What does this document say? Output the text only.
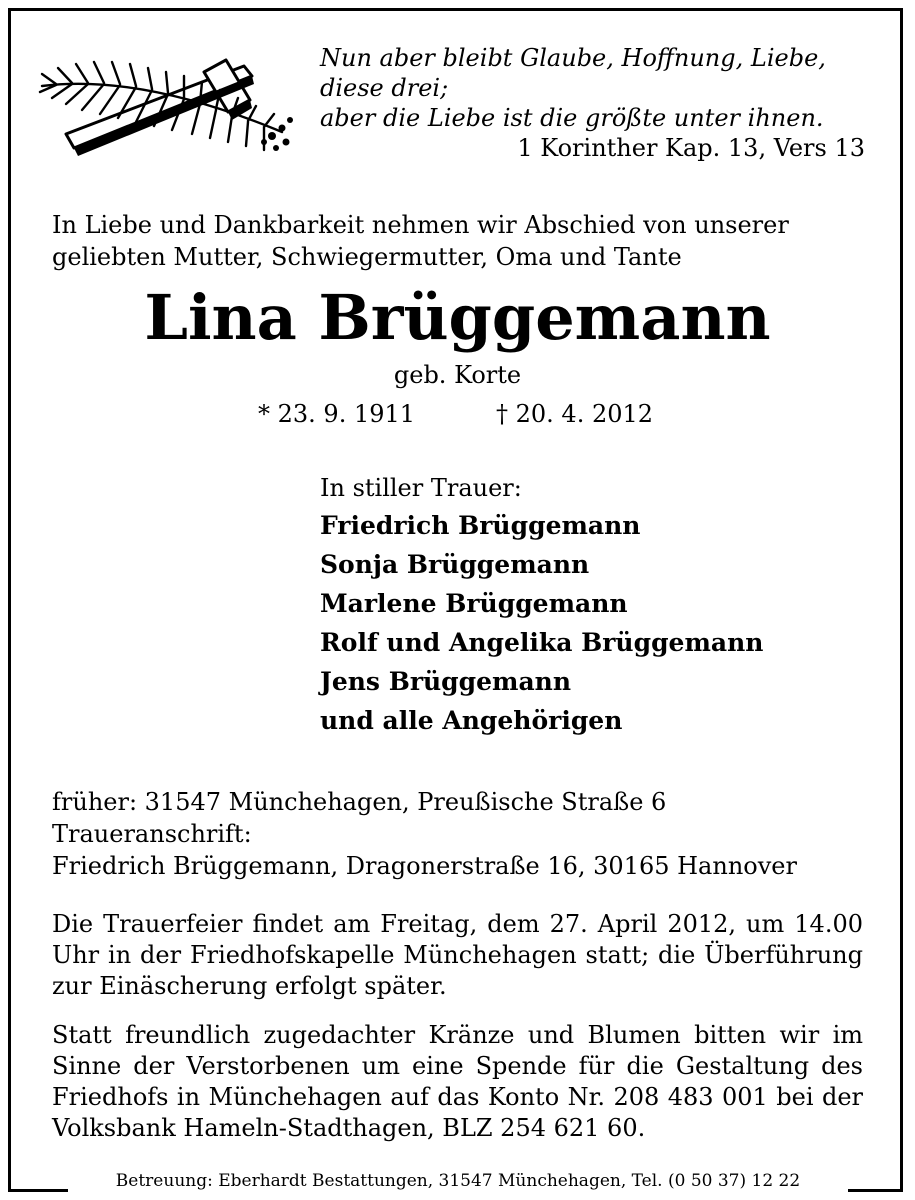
Nun aber bleibt Glaube, Hoffnung, Liebe,
diese drei;
aber die Liebe ist die größte unter ihnen.
1 Korinther Kap. 13, Vers 13
In Liebe und Dankbarkeit nehmen wir Abschied von unserer
geliebten Mutter, Schwiegermutter, Oma und Tante
Lina Brüggemann
geb. Korte
* 23. 9. 1911	† 20. 4. 2012
In stiller Trauer:
Friedrich Brüggemann
Sonja Brüggemann
Marlene Brüggemann
Rolf und Angelika Brüggemann
Jens Brüggemann
und alle Angehörigen
früher: 31547 Münchehagen, Preußische Straße 6
Traueranschrift:
Friedrich Brüggemann, Dragonerstraße 16, 30165 Hannover
Die Trauerfeier findet am Freitag, dem 27. April 2012, um 14.00 Uhr in der Friedhofskapelle Münchehagen statt; die Überführung zur Einäscherung erfolgt später.
Statt freundlich zugedachter Kränze und Blumen bitten wir im Sinne der Verstorbenen um eine Spende für die Gestaltung des Friedhofs in Münchehagen auf das Konto Nr. 208 483 001 bei der Volksbank Hameln-Stadthagen, BLZ 254 621 60.
Betreuung: Eberhardt Bestattungen, 31547 Münchehagen, Tel. (0 50 37) 12 22
